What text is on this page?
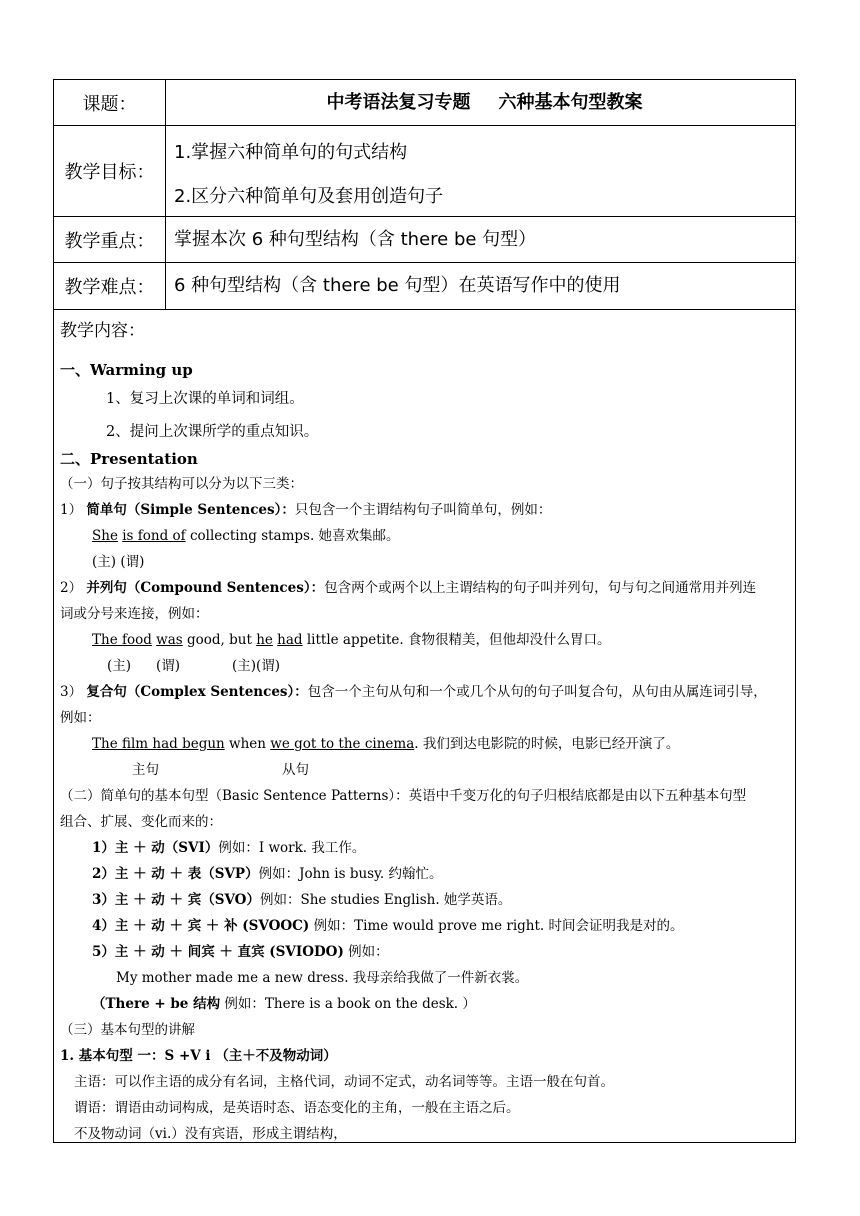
课题：	中考语法复习专题 六种基本句型教案
教学目标：
1.掌握六种简单句的句式结构
2.区分六种简单句及套用创造句子
教学重点：	掌握本次 6 种句型结构（含 there be 句型）
教学难点：	6 种句型结构（含 there be 句型）在英语写作中的使用
教学内容：
一、Warming up
1、复习上次课的单词和词组。
2、提问上次课所学的重点知识。
二、Presentation
（一）句子按其结构可以分为以下三类：
1） 简单句（Simple Sentences）：只包含一个主谓结构句子叫简单句，例如：
She is fond of collecting stamps. 她喜欢集邮。
(主) (谓)
2） 并列句（Compound Sentences）：包含两个或两个以上主谓结构的句子叫并列句，句与句之间通常用并列连
词或分号来连接，例如：
The food was good, but he had little appetite. 食物很精美，但他却没什么胃口。
(主) (谓)	(主)(谓)
3） 复合句（Complex Sentences）：包含一个主句从句和一个或几个从句的句子叫复合句，从句由从属连词引导，
例如：
The film had begun when we got to the cinema. 我们到达电影院的时候，电影已经开演了。
主句	从句
（二）简单句的基本句型（Basic Sentence Patterns）：英语中千变万化的句子归根结底都是由以下五种基本句型
组合、扩展、变化而来的：
1）主 ＋ 动（SVI）例如：I work. 我工作。
2）主 ＋ 动 ＋ 表（SVP）例如：John is busy. 约翰忙。
3）主 ＋ 动 ＋ 宾（SVO）例如：She studies English. 她学英语。
4）主 ＋ 动 ＋ 宾 ＋ 补 (SVOOC) 例如：Time would prove me right. 时间会证明我是对的。
5）主 ＋ 动 ＋ 间宾 ＋ 直宾 (SVIODO) 例如：
My mother made me a new dress. 我母亲给我做了一件新衣裳。
（There + be 结构 例如：There is a book on the desk. ）
（三）基本句型的讲解
1. 基本句型 一：S +V i （主＋不及物动词）
主语：可以作主语的成分有名词，主格代词，动词不定式，动名词等等。主语一般在句首。
谓语：谓语由动词构成，是英语时态、语态变化的主角，一般在主语之后。
不及物动词（vi.）没有宾语，形成主谓结构，
